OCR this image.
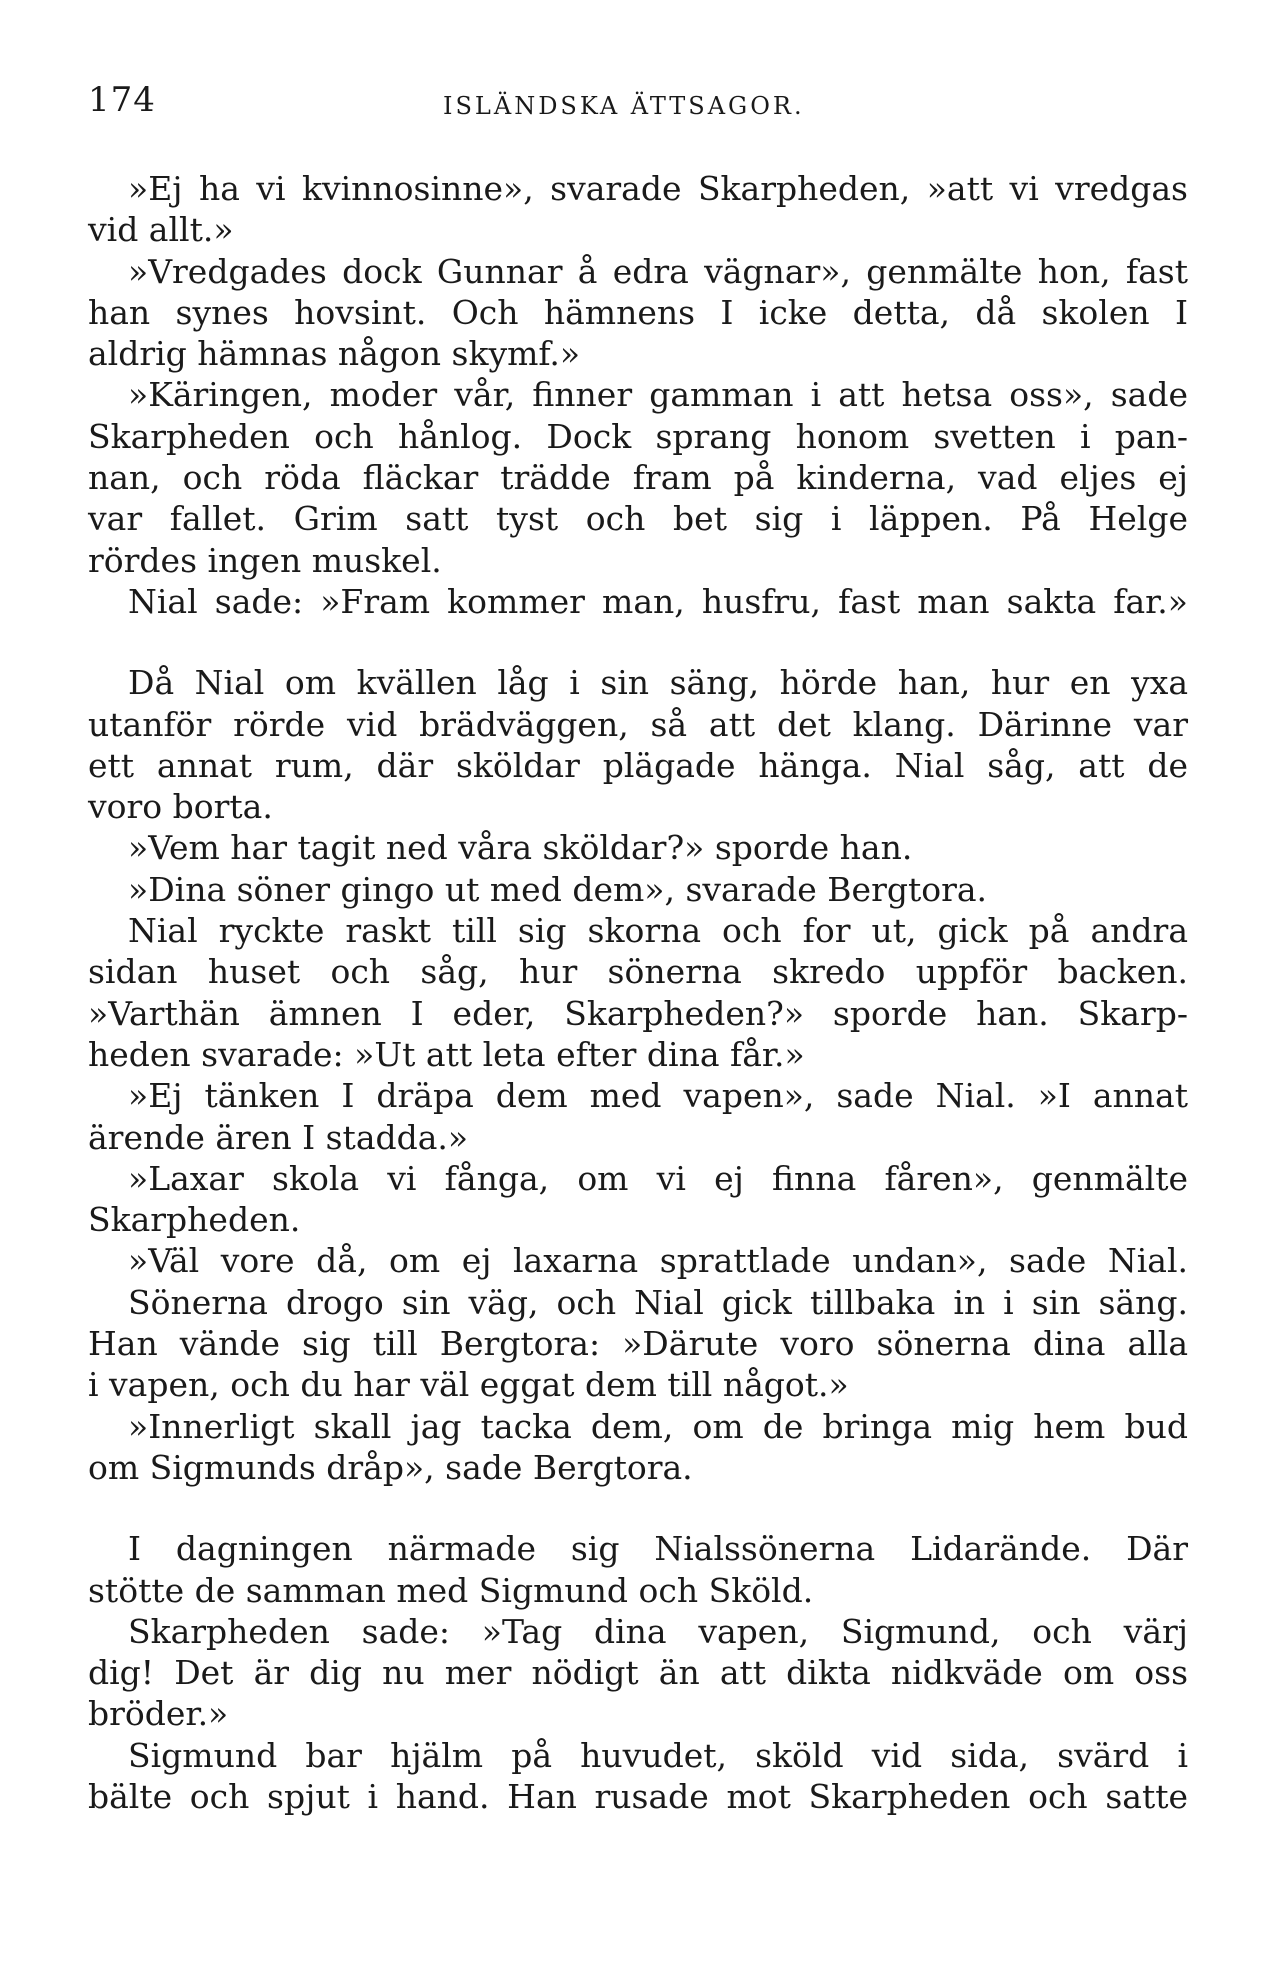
174	ISLÄNDSKA ÄTTSAGOR.
»Ej ha vi kvinnosinne», svarade Skarpheden, »att vi vredgas
vid allt.»
»Vredgades dock Gunnar å edra vägnar», genmälte hon, fast
han synes hovsint. Och hämnens I icke detta, då skolen I
aldrig hämnas någon skymf.»
»Käringen, moder vår, finner gamman i att hetsa oss», sade
Skarpheden och hånlog. Dock sprang honom svetten i pan-
nan, och röda fläckar trädde fram på kinderna, vad eljes ej
var fallet. Grim satt tyst och bet sig i läppen. På Helge
rördes ingen muskel.
Nial sade: »Fram kommer man, husfru, fast man sakta far.»
Då Nial om kvällen låg i sin säng, hörde han, hur en yxa
utanför rörde vid brädväggen, så att det klang. Därinne var
ett annat rum, där sköldar plägade hänga. Nial såg, att de
voro borta.
»Vem har tagit ned våra sköldar?» sporde han.
»Dina söner gingo ut med dem», svarade Bergtora.
Nial ryckte raskt till sig skorna och for ut, gick på andra
sidan huset och såg, hur sönerna skredo uppför backen.
»Varthän ämnen I eder, Skarpheden?» sporde han. Skarp-
heden svarade: »Ut att leta efter dina får.»
»Ej tänken I dräpa dem med vapen», sade Nial. »I annat
ärende ären I stadda.»
»Laxar skola vi fånga, om vi ej finna fåren», genmälte
Skarpheden.
»Väl vore då, om ej laxarna sprattlade undan», sade Nial.
Sönerna drogo sin väg, och Nial gick tillbaka in i sin säng.
Han vände sig till Bergtora: »Därute voro sönerna dina alla
i vapen, och du har väl eggat dem till något.»
»Innerligt skall jag tacka dem, om de bringa mig hem bud
om Sigmunds dråp», sade Bergtora.
I dagningen närmade sig Nialssönerna Lidarände. Där
stötte de samman med Sigmund och Sköld.
Skarpheden sade: »Tag dina vapen, Sigmund, och värj
dig! Det är dig nu mer nödigt än att dikta nidkväde om oss
bröder.»
Sigmund bar hjälm på huvudet, sköld vid sida, svärd i
bälte och spjut i hand. Han rusade mot Skarpheden och satte
